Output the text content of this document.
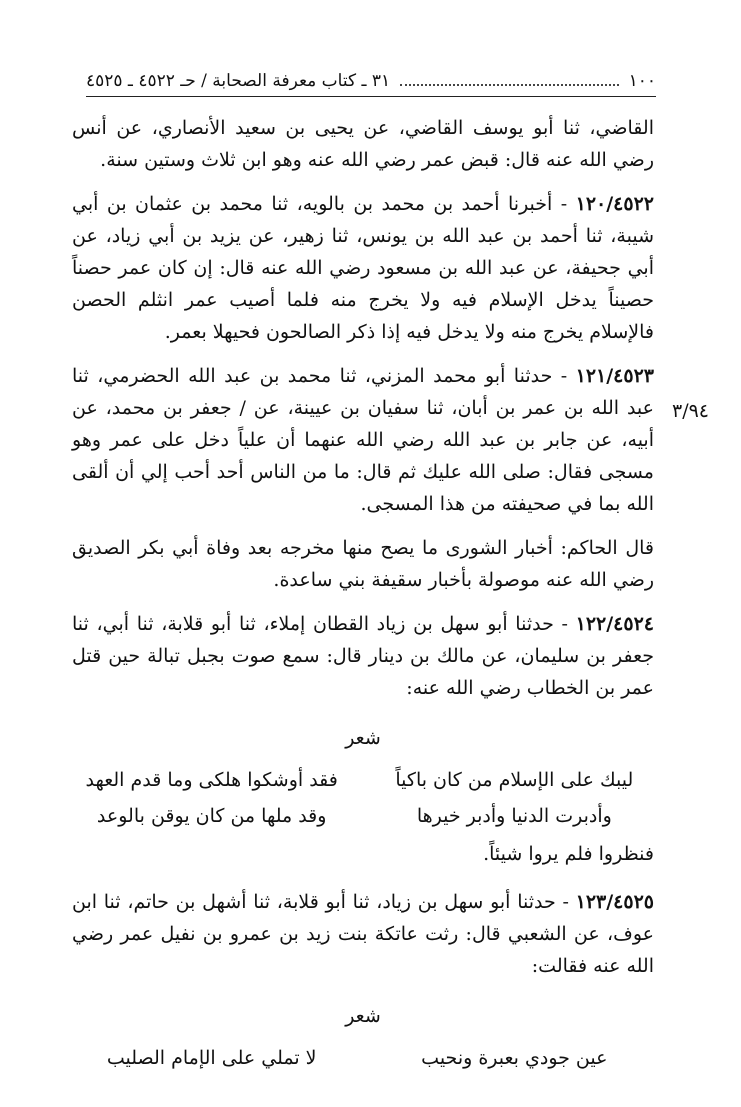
١٠٠
٣١ ـ كتاب معرفة الصحابة / حـ ٤٥٢٢ ـ ٤٥٢٥
٣/٩٤

القاضي، ثنا أبو يوسف القاضي، عن يحيى بن سعيد الأنصاري، عن أنس رضي الله عنه قال: قبض عمر رضي الله عنه وهو ابن ثلاث وستين سنة.

١٢٠/٤٥٢٢ - أخبرنا أحمد بن محمد بن بالويه، ثنا محمد بن عثمان بن أبي شيبة، ثنا أحمد بن عبد الله بن يونس، ثنا زهير، عن يزيد بن أبي زياد، عن أبي جحيفة، عن عبد الله بن مسعود رضي الله عنه قال: إن كان عمر حصناً حصيناً يدخل الإسلام فيه ولا يخرج منه فلما أصيب عمر انثلم الحصن فالإسلام يخرج منه ولا يدخل فيه إذا ذكر الصالحون فحيهلا بعمر.

١٢١/٤٥٢٣ - حدثنا أبو محمد المزني، ثنا محمد بن عبد الله الحضرمي، ثنا عبد الله بن عمر بن أبان، ثنا سفيان بن عيينة، عن / جعفر بن محمد، عن أبيه، عن جابر بن عبد الله رضي الله عنهما أن علياً دخل على عمر وهو مسجى فقال: صلى الله عليك ثم قال: ما من الناس أحد أحب إلي أن ألقى الله بما في صحيفته من هذا المسجى.

قال الحاكم: أخبار الشورى ما يصح منها مخرجه بعد وفاة أبي بكر الصديق رضي الله عنه موصولة بأخبار سقيفة بني ساعدة.

١٢٢/٤٥٢٤ - حدثنا أبو سهل بن زياد القطان إملاء، ثنا أبو قلابة، ثنا أبي، ثنا جعفر بن سليمان، عن مالك بن دينار قال: سمع صوت بجبل تبالة حين قتل عمر بن الخطاب رضي الله عنه:

شعر
ليبك على الإسلام من كان باكياً
فقد أوشكوا هلكى وما قدم العهد
وأدبرت الدنيا وأدبر خيرها
وقد ملها من كان يوقن بالوعد

فنظروا فلم يروا شيئاً.

١٢٣/٤٥٢٥ - حدثنا أبو سهل بن زياد، ثنا أبو قلابة، ثنا أشهل بن حاتم، ثنا ابن عوف، عن الشعبي قال: رثت عاتكة بنت زيد بن عمرو بن نفيل عمر رضي الله عنه فقالت:

شعر
عين جودي بعبرة ونحيب
لا تملي على الإمام الصليب
